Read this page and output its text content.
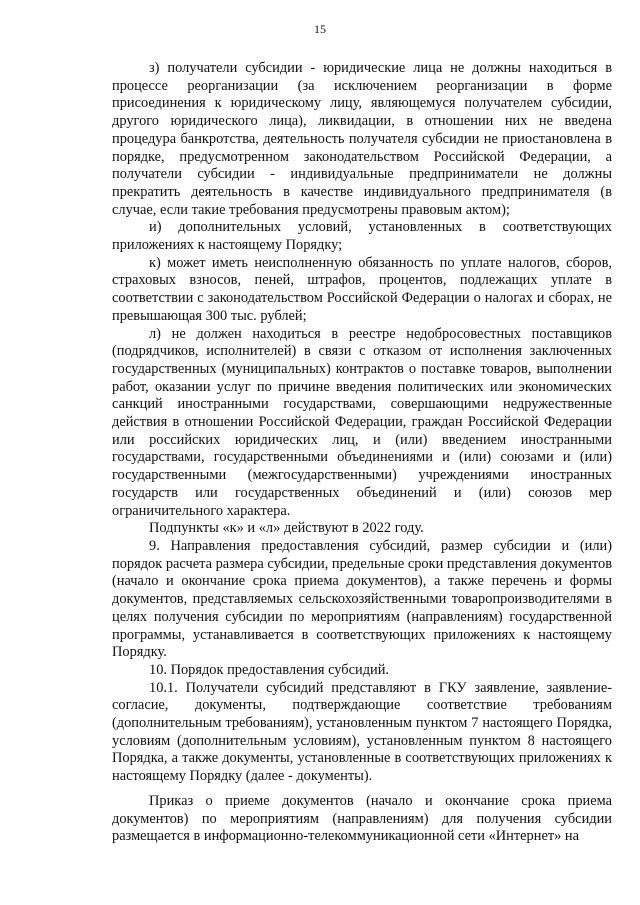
15

з) получатели субсидии - юридические лица не должны находиться в процессе реорганизации (за исключением реорганизации в форме присоединения к юридическому лицу, являющемуся получателем субсидии, другого юридического лица), ликвидации, в отношении них не введена процедура банкротства, деятельность получателя субсидии не приостановлена в порядке, предусмотренном законодательством Российской Федерации, а получатели субсидии - индивидуальные предприниматели не должны прекратить деятельность в качестве индивидуального предпринимателя (в случае, если такие требования предусмотрены правовым актом);

и) дополнительных условий, установленных в соответствующих приложениях к настоящему Порядку;

к) может иметь неисполненную обязанность по уплате налогов, сборов, страховых взносов, пеней, штрафов, процентов, подлежащих уплате в соответствии с законодательством Российской Федерации о налогах и сборах, не превышающая 300 тыс. рублей;

л) не должен находиться в реестре недобросовестных поставщиков (подрядчиков, исполнителей) в связи с отказом от исполнения заключенных государственных (муниципальных) контрактов о поставке товаров, выполнении работ, оказании услуг по причине введения политических или экономических санкций иностранными государствами, совершающими недружественные действия в отношении Российской Федерации, граждан Российской Федерации или российских юридических лиц, и (или) введением иностранными государствами, государственными объединениями и (или) союзами и (или) государственными (межгосударственными) учреждениями иностранных государств или государственных объединений и (или) союзов мер ограничительного характера.

Подпункты «к» и «л» действуют в 2022 году.

9. Направления предоставления субсидий, размер субсидии и (или) порядок расчета размера субсидии, предельные сроки представления документов (начало и окончание срока приема документов), а также перечень и формы документов, представляемых сельскохозяйственными товаропроизводителями в целях получения субсидии по мероприятиям (направлениям) государственной программы, устанавливается в соответствующих приложениях к настоящему Порядку.

10. Порядок предоставления субсидий.

10.1. Получатели субсидий представляют в ГКУ заявление, заявление-согласие, документы, подтверждающие соответствие требованиям (дополнительным требованиям), установленным пунктом 7 настоящего Порядка, условиям (дополнительным условиям), установленным пунктом 8 настоящего Порядка, а также документы, установленные в соответствующих приложениях к настоящему Порядку (далее - документы).

Приказ о приеме документов (начало и окончание срока приема документов) по мероприятиям (направлениям) для получения субсидии размещается в информационно-телекоммуникационной сети «Интернет» на
